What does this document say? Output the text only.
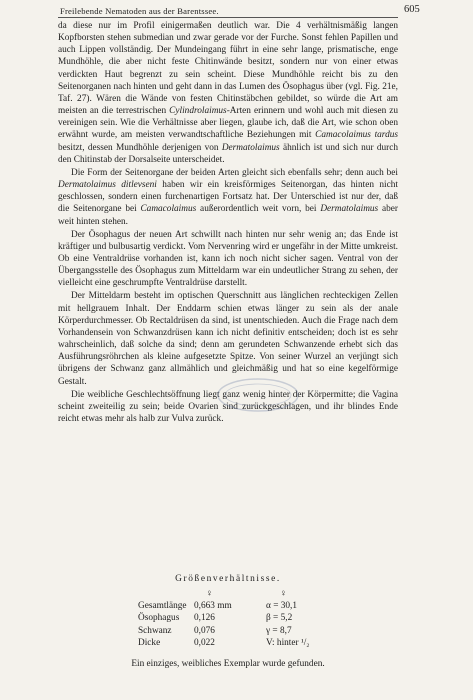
Freilebende Nematoden aus der Barentssee.	605

da diese nur im Profil einigermaßen deutlich war. Die 4 verhältnismäßig langen Kopfborsten stehen submedian und zwar gerade vor der Furche. Sonst fehlen Papillen und auch Lippen vollständig. Der Mundeingang führt in eine sehr lange, prismatische, enge Mundhöhle, die aber nicht feste Chitinwände besitzt, sondern nur von einer etwas verdickten Haut begrenzt zu sein scheint. Diese Mundhöhle reicht bis zu den Seitenorganen nach hinten und geht dann in das Lumen des Ösophagus über (vgl. Fig. 21e, Taf. 27). Wären die Wände von festen Chitinstäbchen gebildet, so würde die Art am meisten an die terrestrischen Cylindrolaimus-Arten erinnern und wohl auch mit diesen zu vereinigen sein. Wie die Verhältnisse aber liegen, glaube ich, daß die Art, wie schon oben erwähnt wurde, am meisten verwandtschaftliche Beziehungen mit Camacolaimus tardus besitzt, dessen Mundhöhle derjenigen von Dermatolaimus ähnlich ist und sich nur durch den Chitinstab der Dorsalseite unterscheidet.

Die Form der Seitenorgane der beiden Arten gleicht sich ebenfalls sehr; denn auch bei Dermatolaimus ditlevseni haben wir ein kreisförmiges Seitenorgan, das hinten nicht geschlossen, sondern einen furchenartigen Fortsatz hat. Der Unterschied ist nur der, daß die Seitenorgane bei Camacolaimus außerordentlich weit vorn, bei Dermatolaimus aber weit hinten stehen.

Der Ösophagus der neuen Art schwillt nach hinten nur sehr wenig an; das Ende ist kräftiger und bulbusartig verdickt. Vom Nervenring wird er ungefähr in der Mitte umkreist. Ob eine Ventraldrüse vorhanden ist, kann ich noch nicht sicher sagen. Ventral von der Übergangsstelle des Ösophagus zum Mitteldarm war ein undeutlicher Strang zu sehen, der vielleicht eine geschrumpfte Ventraldrüse darstellt.

Der Mitteldarm besteht im optischen Querschnitt aus länglichen rechteckigen Zellen mit hellgrauem Inhalt. Der Enddarm schien etwas länger zu sein als der anale Körperdurchmesser. Ob Rectaldrüsen da sind, ist unentschieden. Auch die Frage nach dem Vorhandensein von Schwanzdrüsen kann ich nicht definitiv entscheiden; doch ist es sehr wahrscheinlich, daß solche da sind; denn am gerundeten Schwanzende erhebt sich das Ausführungsröhrchen als kleine aufgesetzte Spitze. Von seiner Wurzel an verjüngt sich übrigens der Schwanz ganz allmählich und gleichmäßig und hat so eine kegelförmige Gestalt.

Die weibliche Geschlechtsöffnung liegt ganz wenig hinter der Körpermitte; die Vagina scheint zweiteilig zu sein; beide Ovarien sind zurückgeschlagen, und ihr blindes Ende reicht etwas mehr als halb zur Vulva zurück.

Größenverhältnisse.
	♀	♀
Gesamtlänge	0,663 mm	α = 30,1
Ösophagus	0,126	β = 5,2
Schwanz	0,076	γ = 8,7
Dicke	0,022	V: hinter ¹/₂
Ein einziges, weibliches Exemplar wurde gefunden.
